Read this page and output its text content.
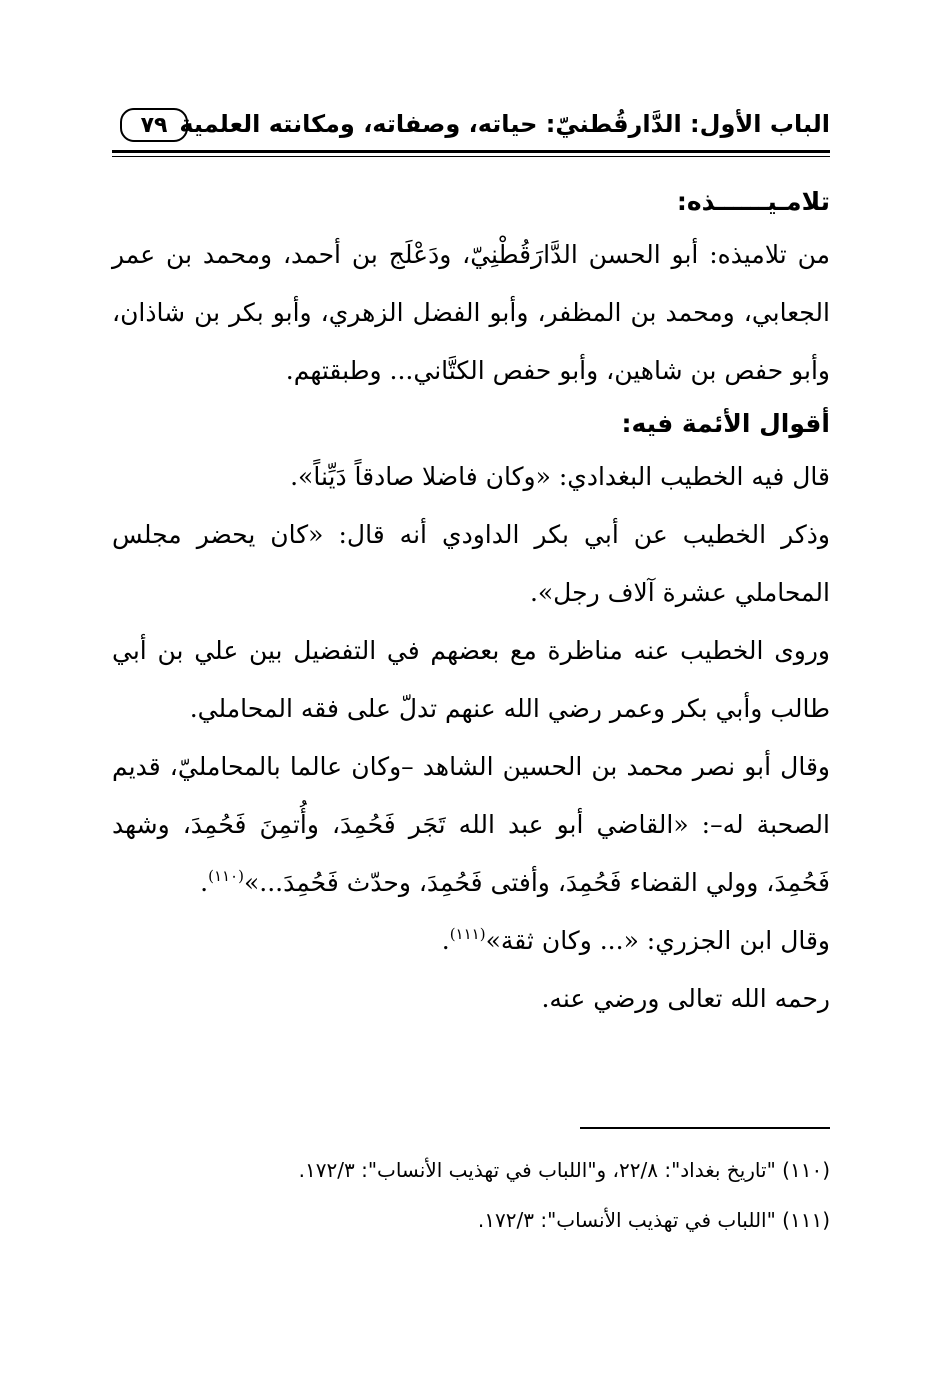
الباب الأول: الدَّارقُطنيّ: حياته، وصفاته، ومكانته العلمية
٧٩

تلامـيــــــذه:

من تلاميذه: أبو الحسن الدَّارَقُطْنِيّ، ودَعْلَج بن أحمد، ومحمد بن عمر الجعابي، ومحمد بن المظفر، وأبو الفضل الزهري، وأبو بكر بن شاذان، وأبو حفص بن شاهين، وأبو حفص الكتَّاني... وطبقتهم.

أقوال الأئمة فيه:

قال فيه الخطيب البغدادي: «وكان فاضلا صادقاً دَيِّناً».

وذكر الخطيب عن أبي بكر الداودي أنه قال: «كان يحضر مجلس المحاملي عشرة آلاف رجل».

وروى الخطيب عنه مناظرة مع بعضهم في التفضيل بين علي بن أبي طالب وأبي بكر وعمر رضي الله عنهم تدلّ على فقه المحاملي.

وقال أبو نصر محمد بن الحسين الشاهد –وكان عالما بالمحامليّ، قديم الصحبة له–: «القاضي أبو عبد الله تَجَر فَحُمِدَ، وأُتمِنَ فَحُمِدَ، وشهد فَحُمِدَ، وولي القضاء فَحُمِدَ، وأفتى فَحُمِدَ، وحدّث فَحُمِدَ...»$^{(١١٠)}$.

وقال ابن الجزري: «... وكان ثقة»$^{(١١١)}$.

رحمه الله تعالى ورضي عنه.

(١١٠) "تاريخ بغداد": ٢٢/٨، و"اللباب في تهذيب الأنساب": ١٧٢/٣.

(١١١) "اللباب في تهذيب الأنساب": ١٧٢/٣.
